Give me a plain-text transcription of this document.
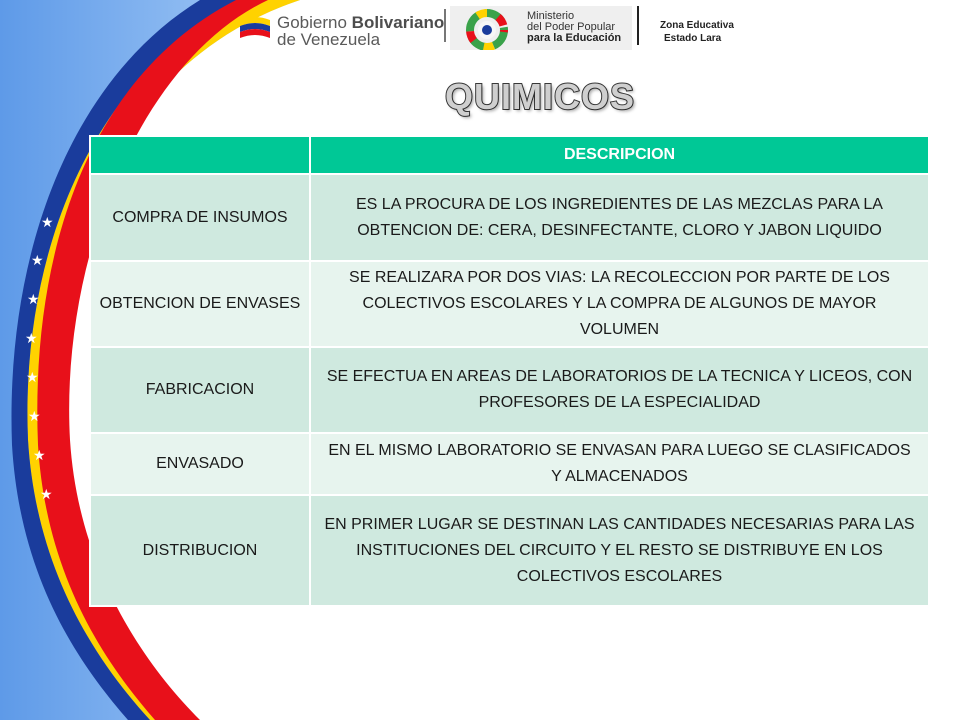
★
★
★
★
★
★
★
★
Gobierno Bolivariano
de Venezuela
Ministerio
del Poder Popular
para la Educación
Zona Educativa
Estado Lara
QUIMICOS
	DESCRIPCION
COMPRA DE INSUMOS	ES LA PROCURA DE LOS INGREDIENTES DE LAS MEZCLAS PARA LA OBTENCION DE: CERA, DESINFECTANTE, CLORO Y JABON LIQUIDO
OBTENCION DE ENVASES	SE REALIZARA POR DOS VIAS: LA RECOLECCION POR PARTE DE LOS COLECTIVOS ESCOLARES Y LA COMPRA DE ALGUNOS DE MAYOR VOLUMEN
FABRICACION	SE EFECTUA EN AREAS DE LABORATORIOS DE LA TECNICA Y LICEOS, CON PROFESORES DE LA ESPECIALIDAD
ENVASADO	EN EL MISMO LABORATORIO SE ENVASAN PARA LUEGO SE CLASIFICADOS Y ALMACENADOS
DISTRIBUCION	EN PRIMER LUGAR SE DESTINAN LAS CANTIDADES NECESARIAS PARA LAS INSTITUCIONES DEL CIRCUITO Y EL RESTO SE DISTRIBUYE EN LOS COLECTIVOS ESCOLARES
